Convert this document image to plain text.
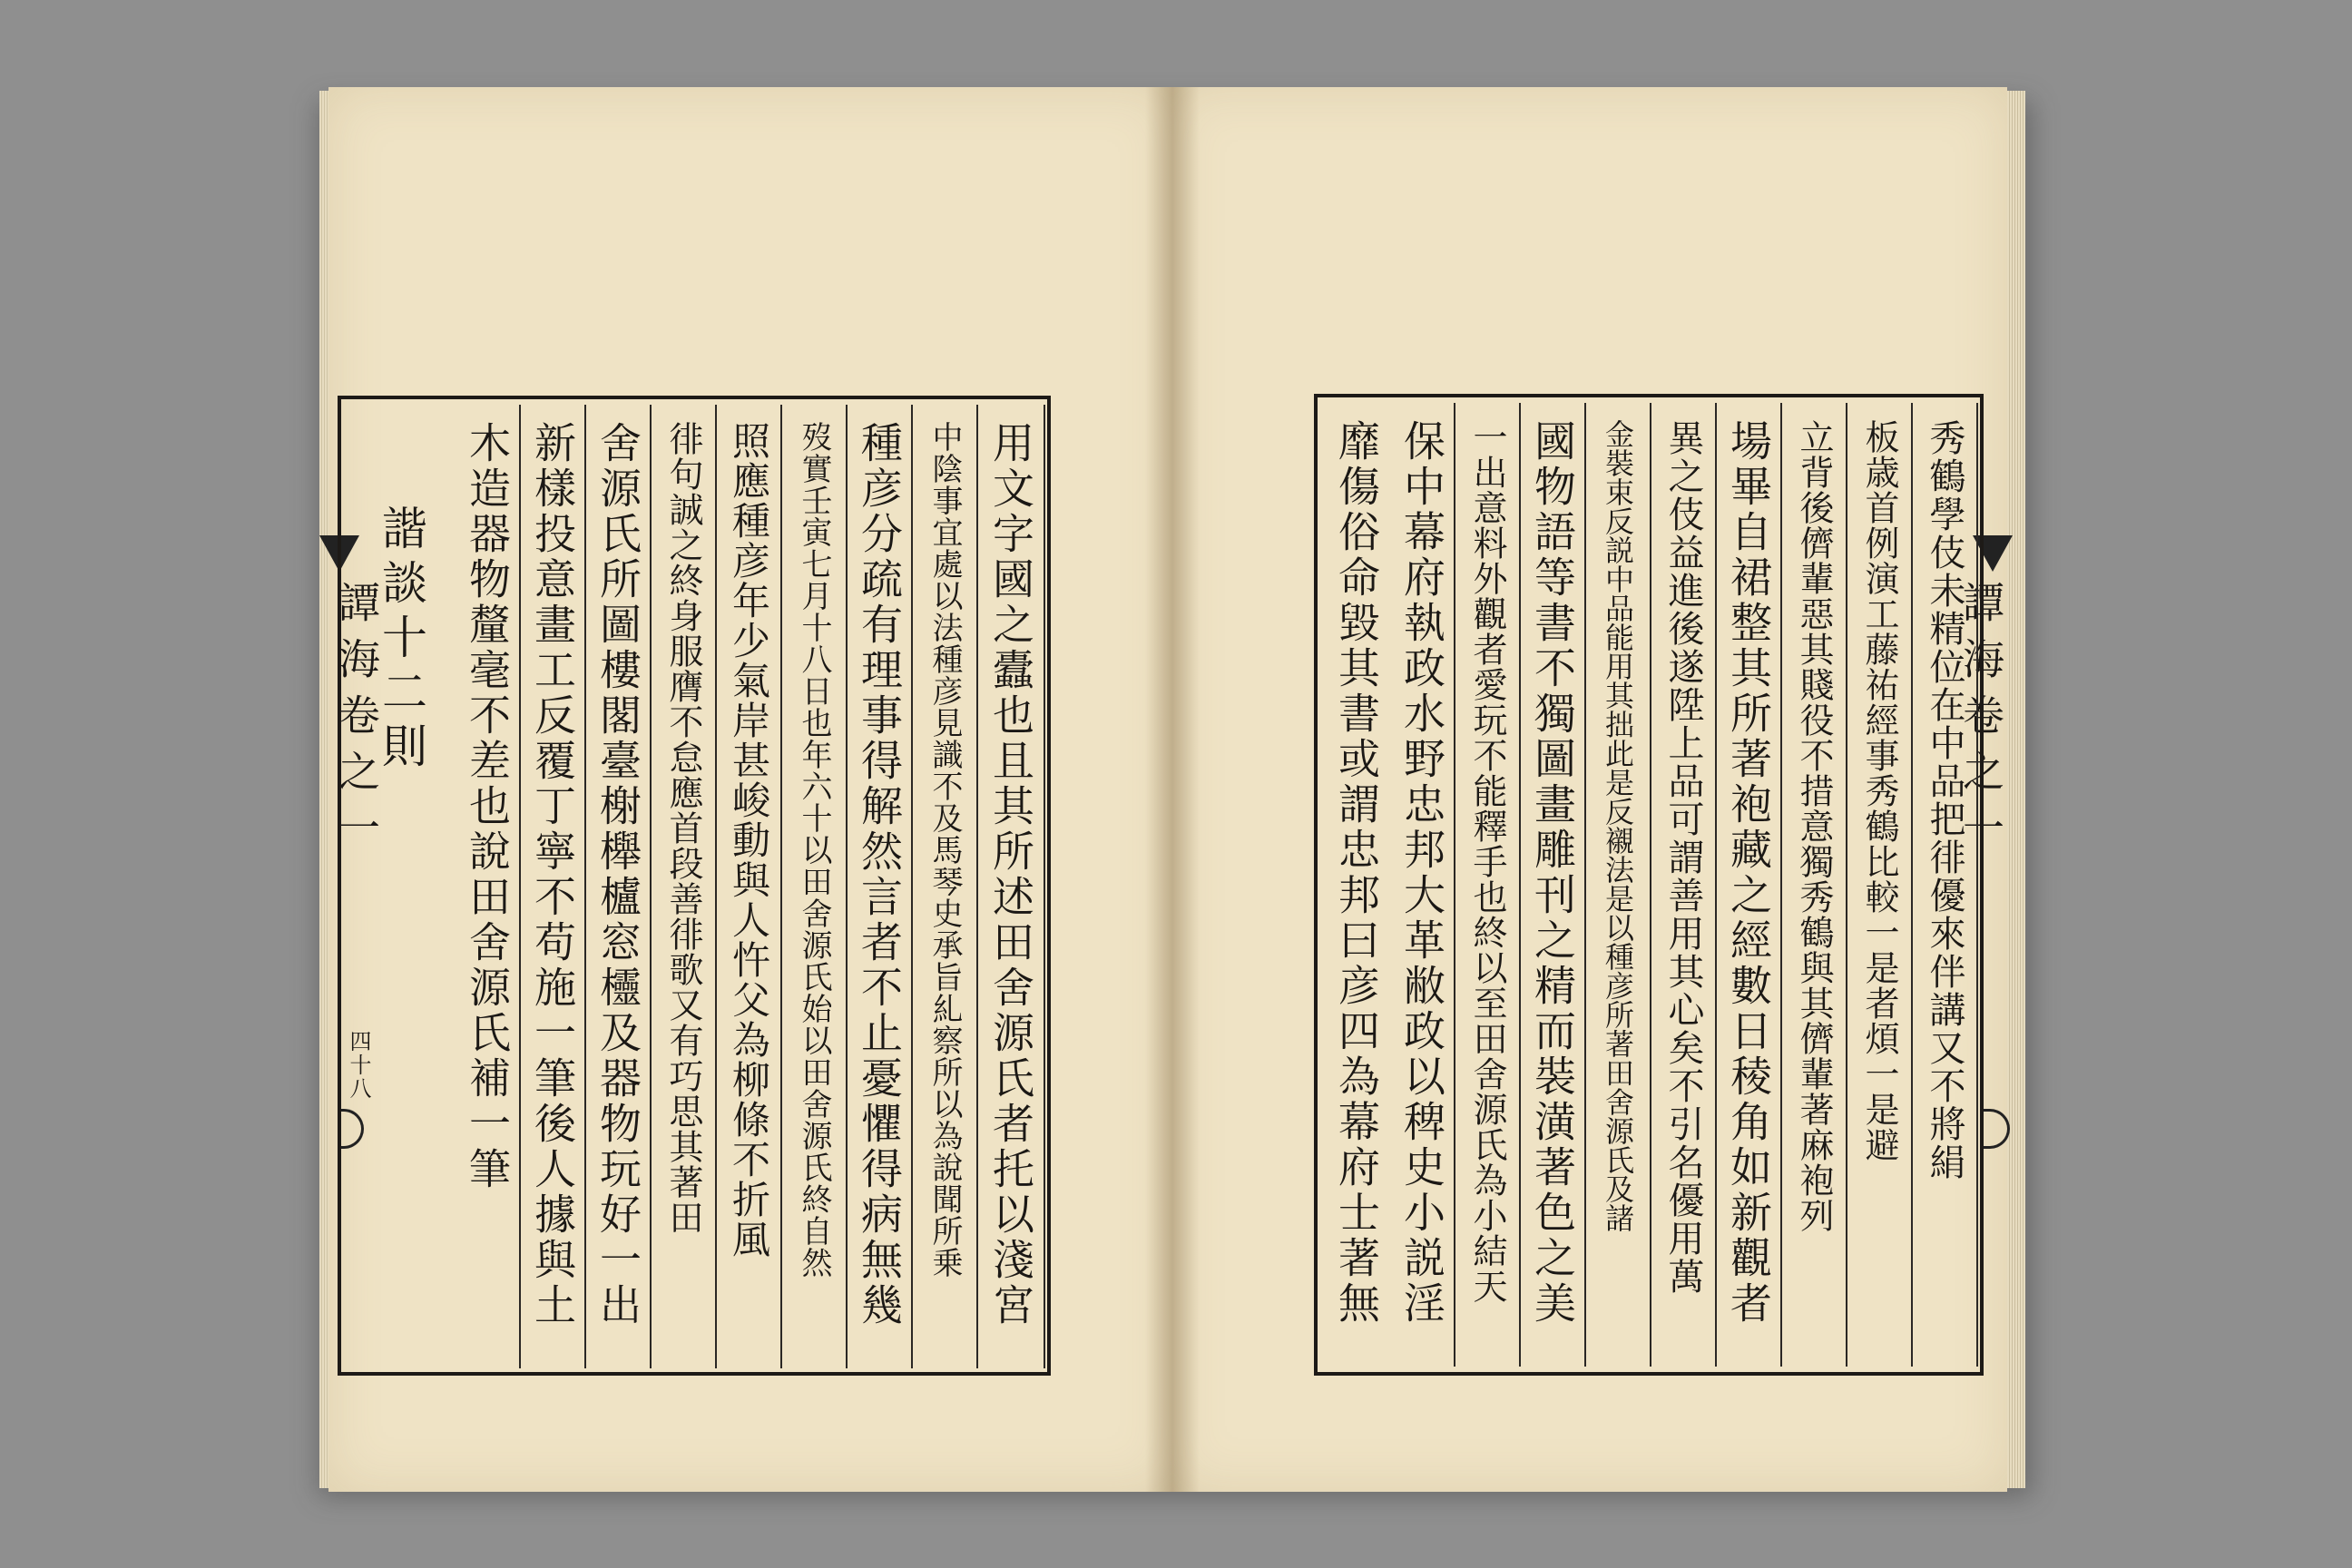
譚海卷之一
四十八	用文字國之蠹也且其所述田舍源氏者托以淺宮
中陰事宜處以法種彦見識不及馬琴史承旨糺察所以為說聞所乗
種彦分疏有理事得解然言者不止憂懼得病無幾
歿實壬寅七月十八日也年六十以田舍源氏始以田舍源氏終自然
照應種彦年少氣岸甚峻動與人忤父為柳條不折風
徘句誠之終身服膺不怠應首段善徘歌又有巧思其著田
舍源氏所圖樓閣臺榭櫸櫨窓欞及器物玩好一出
新樣投意畫工反覆丁寧不苟施一筆後人據與土
木造器物釐毫不差也說田舍源氏補一筆
諧談十二則	譚海卷之一
秀鶴學伎未精位在中品把徘優來伴講又不將絹
板歳首例演工藤祐經事秀鶴比較一是者煩一是避
立背後儕輩惡其賤役不措意獨秀鶴與其儕輩著麻袍列
場畢自裙整其所著袍藏之經數日稜角如新觀者
異之伎益進後遂陞上品可謂善用其心矣不引名優用萬
金裝束反説中品能用其拙此是反襯法是以種彦所著田舍源氏及諸
國物語等書不獨圖畫雕刊之精而裝潢著色之美
一出意料外觀者愛玩不能釋手也終以至田舍源氏為小結天
保中幕府執政水野忠邦大革敝政以稗史小説淫
靡傷俗命毀其書或謂忠邦曰彦四為幕府士著無
